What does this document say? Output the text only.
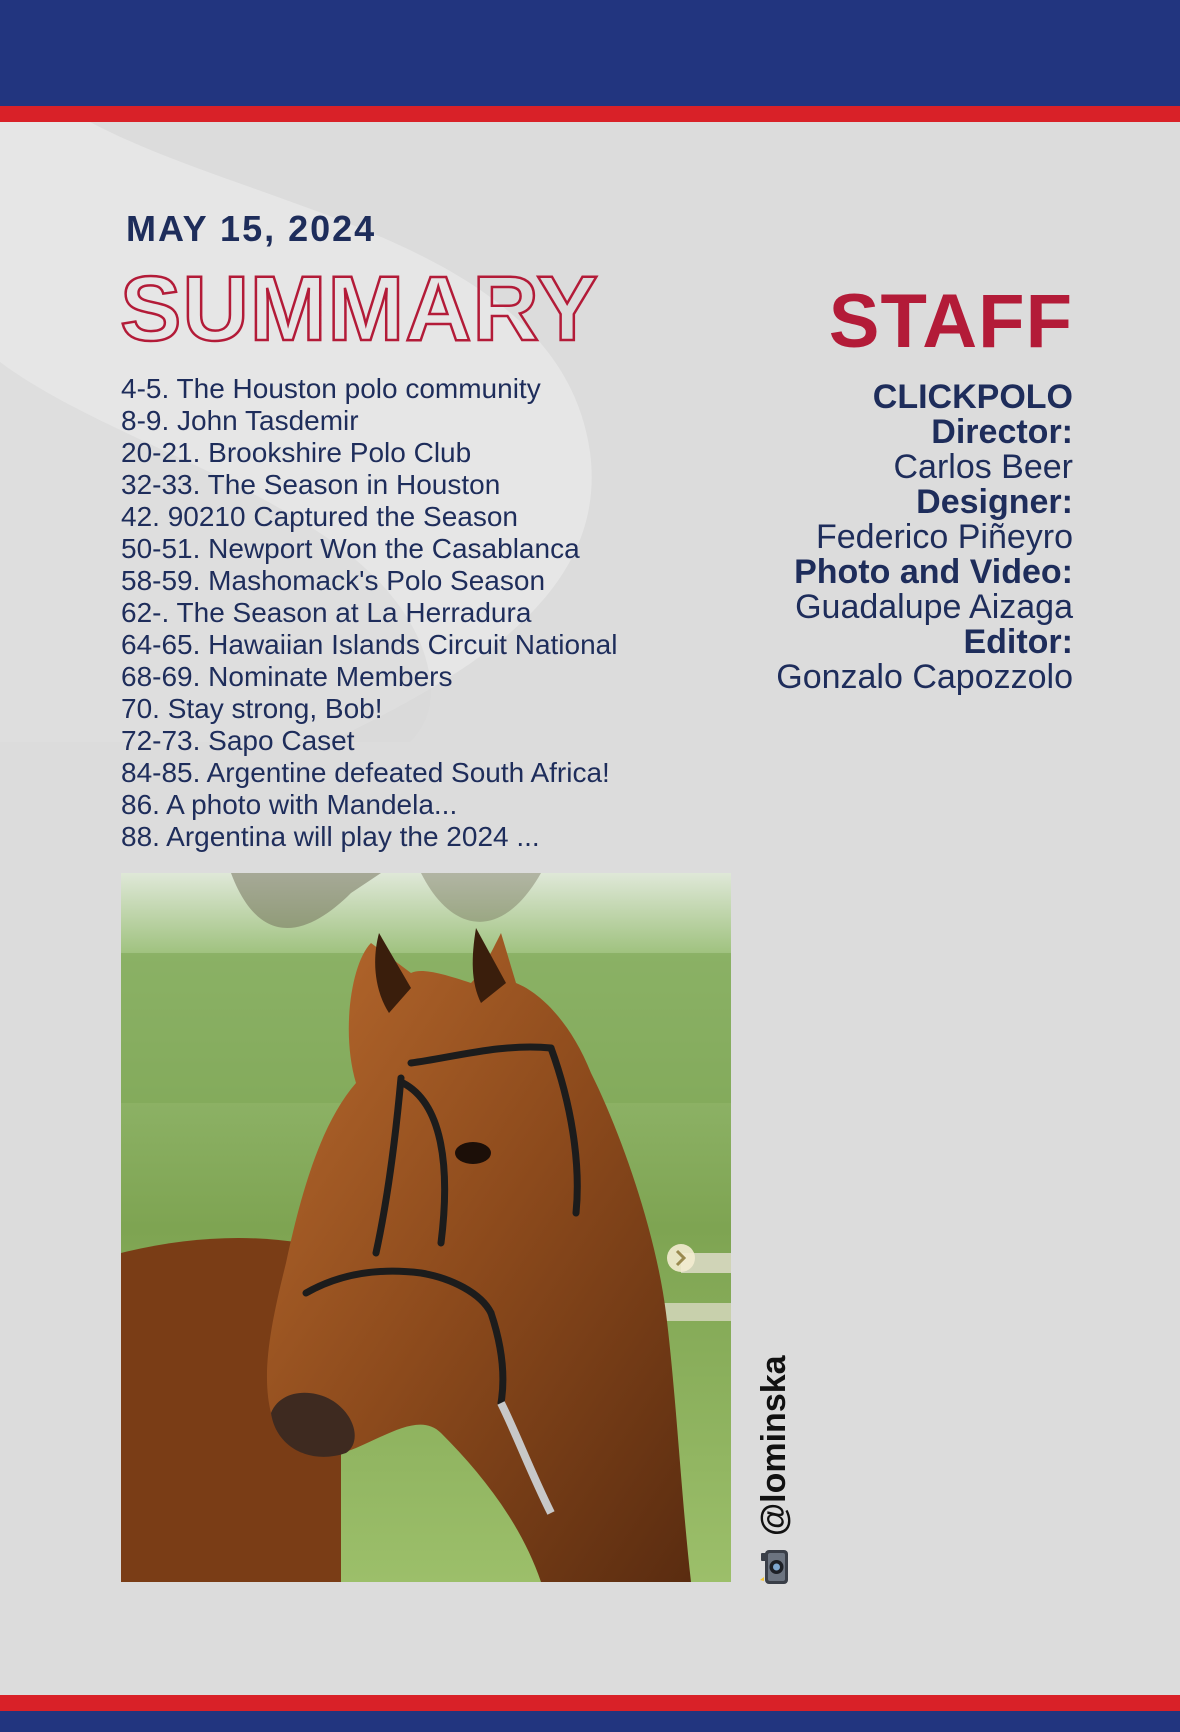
MAY 15, 2024
SUMMARY
4-5. The Houston polo community
8-9. John Tasdemir
20-21. Brookshire Polo Club
32-33. The Season in Houston
42. 90210 Captured the Season
50-51. Newport Won the Casablanca
58-59. Mashomack's Polo Season
62-. The Season at La Herradura
64-65. Hawaiian Islands Circuit National
68-69. Nominate Members
70. Stay strong, Bob!
72-73. Sapo Caset
84-85. Argentine defeated South Africa!
86. A photo with Mandela...
88. Argentina will play the 2024 ...
STAFF
CLICKPOLO
Director:
Carlos Beer
Designer:
Federico Piñeyro
Photo and Video:
Guadalupe Aizaga
Editor:
Gonzalo Capozzolo
@lominska
